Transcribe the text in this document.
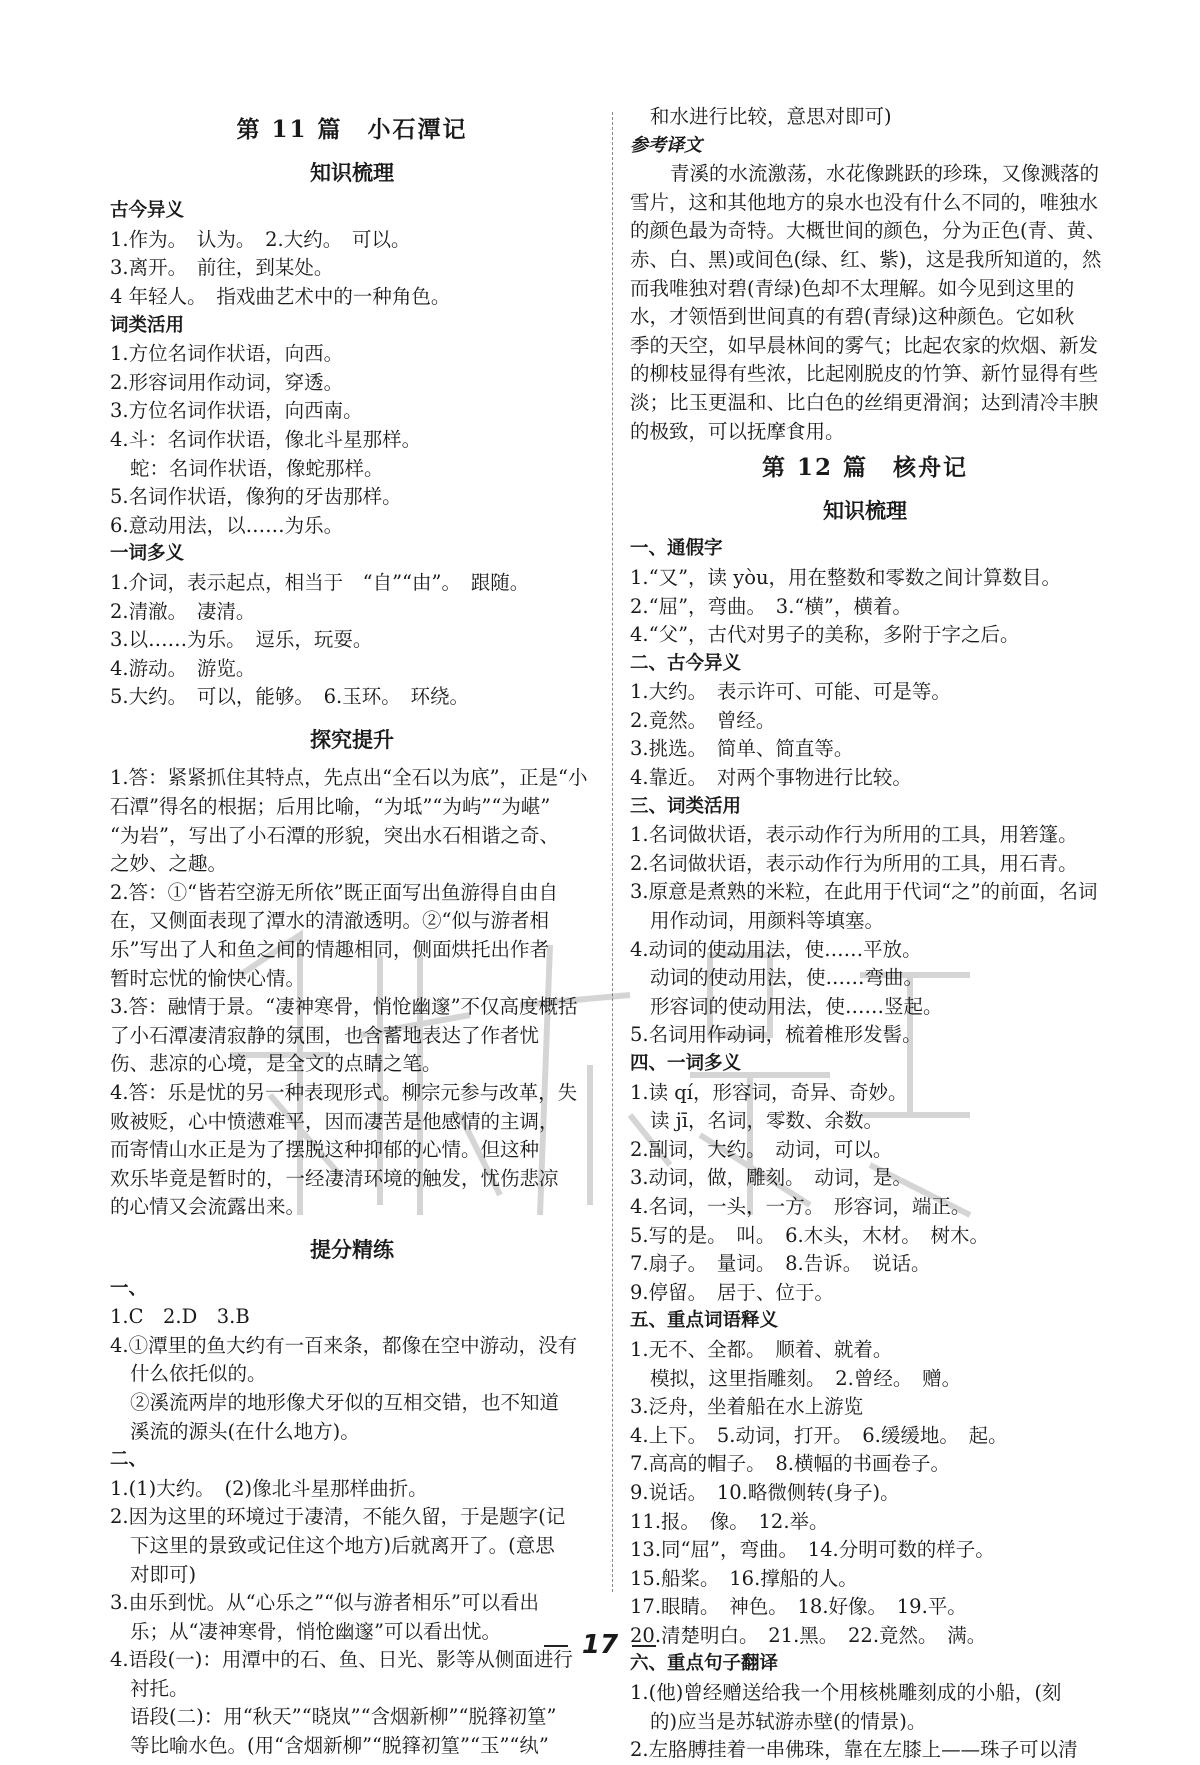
第 11 篇　小石潭记
知识梳理
古今异义
1.作为。　认为。　2.大约。　可以。
3.离开。　前往，到某处。
4 年轻人。　指戏曲艺术中的一种角色。
词类活用
1.方位名词作状语，向西。
2.形容词用作动词，穿透。
3.方位名词作状语，向西南。
4.斗：名词作状语，像北斗星那样。
蛇：名词作状语，像蛇那样。
5.名词作状语，像狗的牙齿那样。
6.意动用法，以……为乐。
一词多义
1.介词，表示起点，相当于　“自”“由”。　跟随。
2.清澈。　凄清。
3.以……为乐。　逗乐，玩耍。
4.游动。　游览。
5.大约。　可以，能够。　6.玉环。　环绕。
探究提升
1.答：紧紧抓住其特点，先点出“全石以为底”，正是“小
石潭”得名的根据；后用比喻，“为坻”“为屿”“为嵁”
“为岩”，写出了小石潭的形貌，突出水石相谐之奇、
之妙、之趣。
2.答：①“皆若空游无所依”既正面写出鱼游得自由自
在，又侧面表现了潭水的清澈透明。②“似与游者相
乐”写出了人和鱼之间的情趣相同，侧面烘托出作者
暂时忘忧的愉快心情。
3.答：融情于景。“凄神寒骨，悄怆幽邃”不仅高度概括
了小石潭凄清寂静的氛围，也含蓄地表达了作者忧
伤、悲凉的心境，是全文的点睛之笔。
4.答：乐是忧的另一种表现形式。柳宗元参与改革，失
败被贬，心中愤懑难平，因而凄苦是他感情的主调，
而寄情山水正是为了摆脱这种抑郁的心情。但这种
欢乐毕竟是暂时的，一经凄清环境的触发，忧伤悲凉
的心情又会流露出来。
提分精练
一、
1.C　2.D　3.B
4.①潭里的鱼大约有一百来条，都像在空中游动，没有
什么依托似的。
②溪流两岸的地形像犬牙似的互相交错，也不知道
溪流的源头(在什么地方)。
二、
1.(1)大约。　(2)像北斗星那样曲折。
2.因为这里的环境过于凄清，不能久留，于是题字(记
下这里的景致或记住这个地方)后就离开了。(意思
对即可)
3.由乐到忧。从“心乐之”“似与游者相乐”可以看出
乐；从“凄神寒骨，悄怆幽邃”可以看出忧。
4.语段(一)：用潭中的石、鱼、日光、影等从侧面进行
衬托。
语段(二)：用“秋天”“晓岚”“含烟新柳”“脱箨初篁”
等比喻水色。(用“含烟新柳”“脱箨初篁”“玉”“纨”
和水进行比较，意思对即可)
参考译文
青溪的水流激荡，水花像跳跃的珍珠，又像溅落的
雪片，这和其他地方的泉水也没有什么不同的，唯独水
的颜色最为奇特。大概世间的颜色，分为正色(青、黄、
赤、白、黑)或间色(绿、红、紫)，这是我所知道的，然
而我唯独对碧(青绿)色却不太理解。如今见到这里的
水，才领悟到世间真的有碧(青绿)这种颜色。它如秋
季的天空，如早晨林间的雾气；比起农家的炊烟、新发
的柳枝显得有些浓，比起刚脱皮的竹笋、新竹显得有些
淡；比玉更温和、比白色的丝绢更滑润；达到清冷丰腴
的极致，可以抚摩食用。
第 12 篇　核舟记
知识梳理
一、通假字
1.“又”，读 yòu，用在整数和零数之间计算数目。
2.“屈”，弯曲。　3.“横”，横着。
4.“父”，古代对男子的美称，多附于字之后。
二、古今异义
1.大约。　表示许可、可能、可是等。
2.竟然。　曾经。
3.挑选。　简单、简直等。
4.靠近。　对两个事物进行比较。
三、词类活用
1.名词做状语，表示动作行为所用的工具，用箬篷。
2.名词做状语，表示动作行为所用的工具，用石青。
3.原意是煮熟的米粒，在此用于代词“之”的前面，名词
用作动词，用颜料等填塞。
4.动词的使动用法，使……平放。
动词的使动用法，使……弯曲。
形容词的使动用法，使……竖起。
5.名词用作动词，梳着椎形发髻。
四、一词多义
1.读 qí，形容词，奇异、奇妙。
读 jī，名词，零数、余数。
2.副词，大约。　动词，可以。
3.动词，做，雕刻。　动词，是。
4.名词，一头，一方。　形容词，端正。
5.写的是。　叫。　6.木头，木材。　树木。
7.扇子。　量词。　8.告诉。　说话。
9.停留。　居于、位于。
五、重点词语释义
1.无不、全都。　顺着、就着。
模拟，这里指雕刻。　2.曾经。　赠。
3.泛舟，坐着船在水上游览
4.上下。　5.动词，打开。　6.缓缓地。　起。
7.高高的帽子。　8.横幅的书画卷子。
9.说话。　10.略微侧转(身子)。
11.报。　像。　12.举。
13.同“屈”，弯曲。　14.分明可数的样子。
15.船桨。　16.撑船的人。
17.眼睛。　神色。　18.好像。　19.平。
20.清楚明白。　21.黑。　22.竟然。　满。
六、重点句子翻译
1.(他)曾经赠送给我一个用核桃雕刻成的小船，(刻
的)应当是苏轼游赤壁(的情景)。
2.左胳膊挂着一串佛珠，靠在左膝上——珠子可以清
17
